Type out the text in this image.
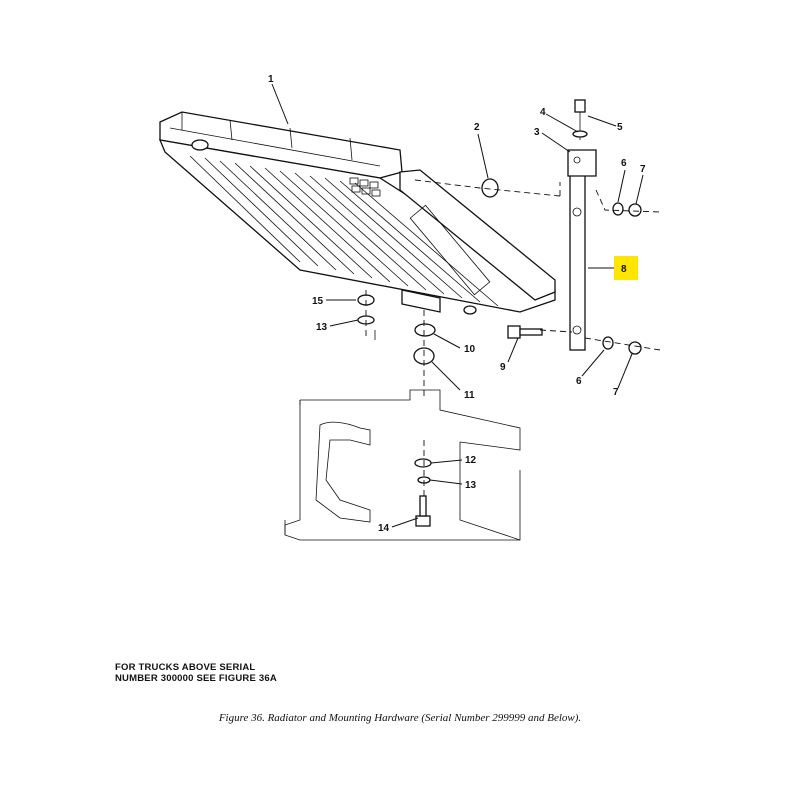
1
2	3
4
5
6
7
8
9
10
11
12
13
14
15
13
6
7
FOR TRUCKS ABOVE SERIAL
NUMBER 300000 SEE FIGURE 36A
Figure 36. Radiator and Mounting Hardware (Serial Number 299999 and Below).
